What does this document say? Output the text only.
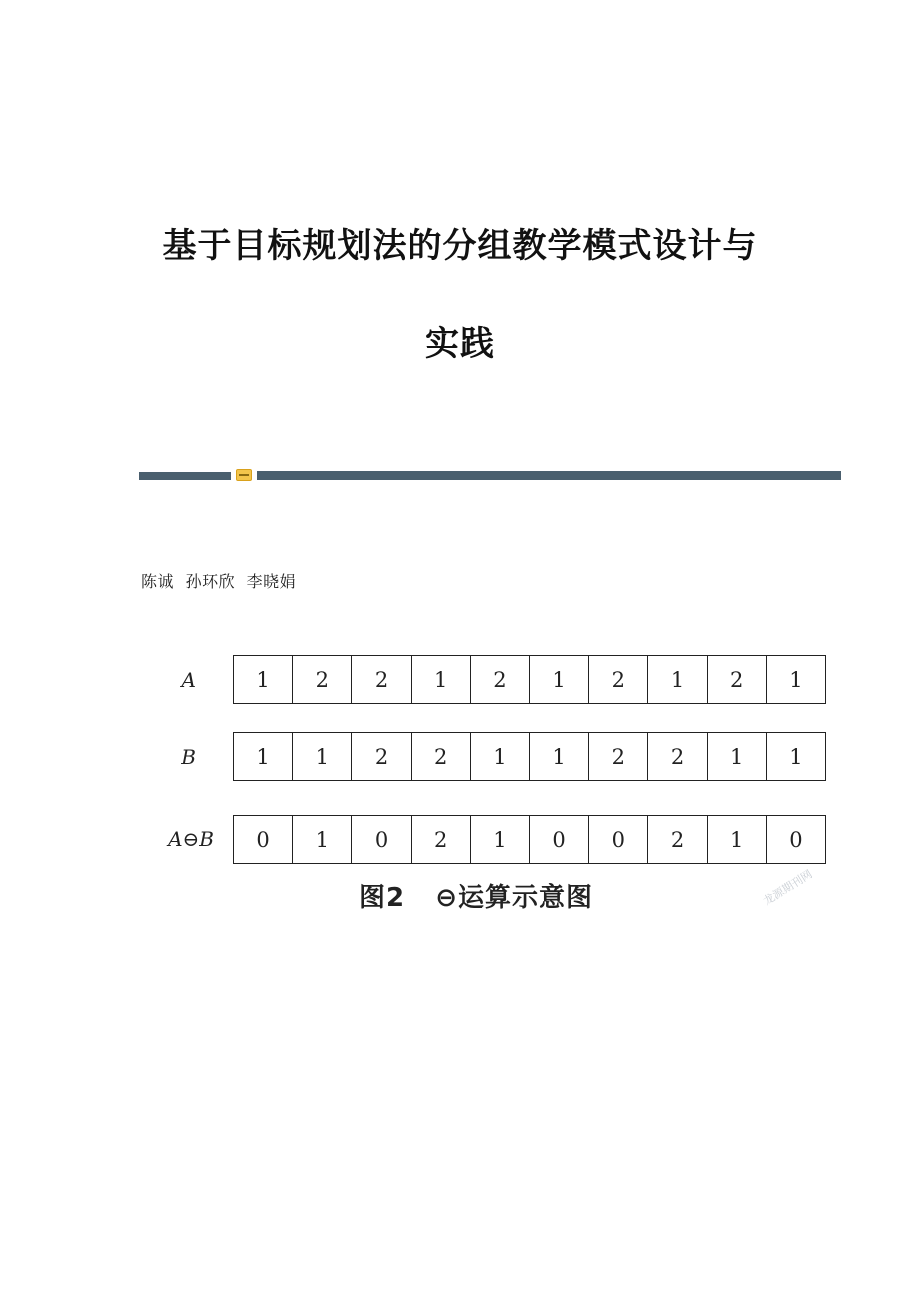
基于目标规划法的分组教学模式设计与
实践
陈诚 孙环欣 李晓娟
A	1	2	2	1	2	1	2	1	2	1
B	1	1	2	2	1	1	2	2	1	1
A⊖B	0	1	0	2	1	0	0	2	1	0
图2   ⊖运算示意图	龙源期刊网
